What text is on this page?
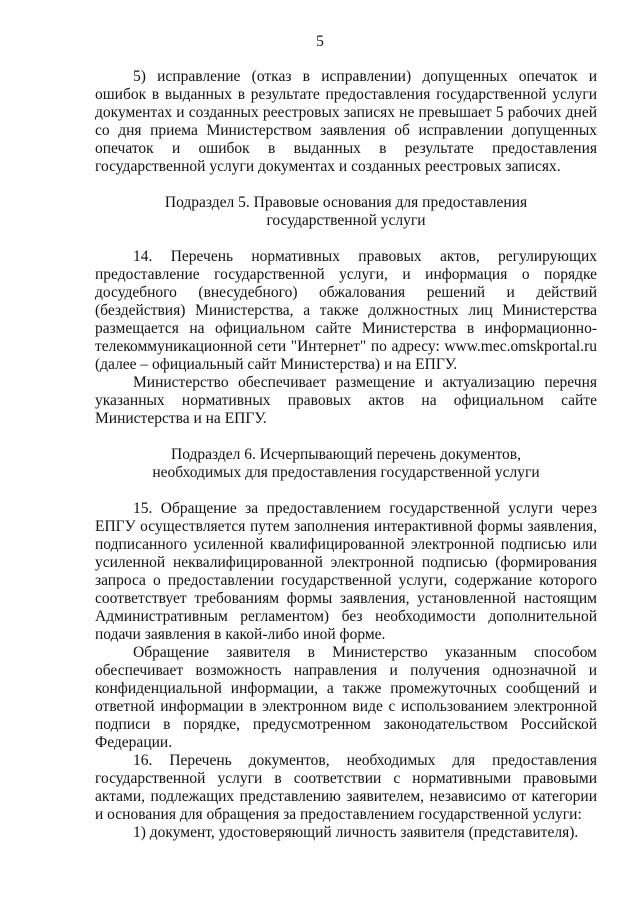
5

5) исправление (отказ в исправлении) допущенных опечаток и ошибок в выданных в результате предоставления государственной услуги документах и созданных реестровых записях не превышает 5 рабочих дней со дня приема Министерством заявления об исправлении допущенных опечаток и ошибок в выданных в результате предоставления государственной услуги документах и созданных реестровых записях.

Подраздел 5. Правовые основания для предоставления

государственной услуги

14. Перечень нормативных правовых актов, регулирующих предоставление государственной услуги, и информация о порядке досудебного (внесудебного) обжалования решений и действий (бездействия) Министерства, а также должностных лиц Министерства размещается на официальном сайте Министерства в информационно-телекоммуникационной сети "Интернет" по адресу: www.mec.omskportal.ru (далее – официальный сайт Министерства) и на ЕПГУ.

Министерство обеспечивает размещение и актуализацию перечня указанных нормативных правовых актов на официальном сайте Министерства и на ЕПГУ.

Подраздел 6. Исчерпывающий перечень документов,

необходимых для предоставления государственной услуги

15. Обращение за предоставлением государственной услуги через ЕПГУ осуществляется путем заполнения интерактивной формы заявления, подписанного усиленной квалифицированной электронной подписью или усиленной неквалифицированной электронной подписью (формирования запроса о предоставлении государственной услуги, содержание которого соответствует требованиям формы заявления, установленной настоящим Административным регламентом) без необходимости дополнительной подачи заявления в какой-либо иной форме.

Обращение заявителя в Министерство указанным способом обеспечивает возможность направления и получения однозначной и конфиденциальной информации, а также промежуточных сообщений и ответной информации в электронном виде с использованием электронной подписи в порядке, предусмотренном законодательством Российской Федерации.

16. Перечень документов, необходимых для предоставления государственной услуги в соответствии с нормативными правовыми актами, подлежащих представлению заявителем, независимо от категории и основания для обращения за предоставлением государственной услуги:

1) документ, удостоверяющий личность заявителя (представителя).
